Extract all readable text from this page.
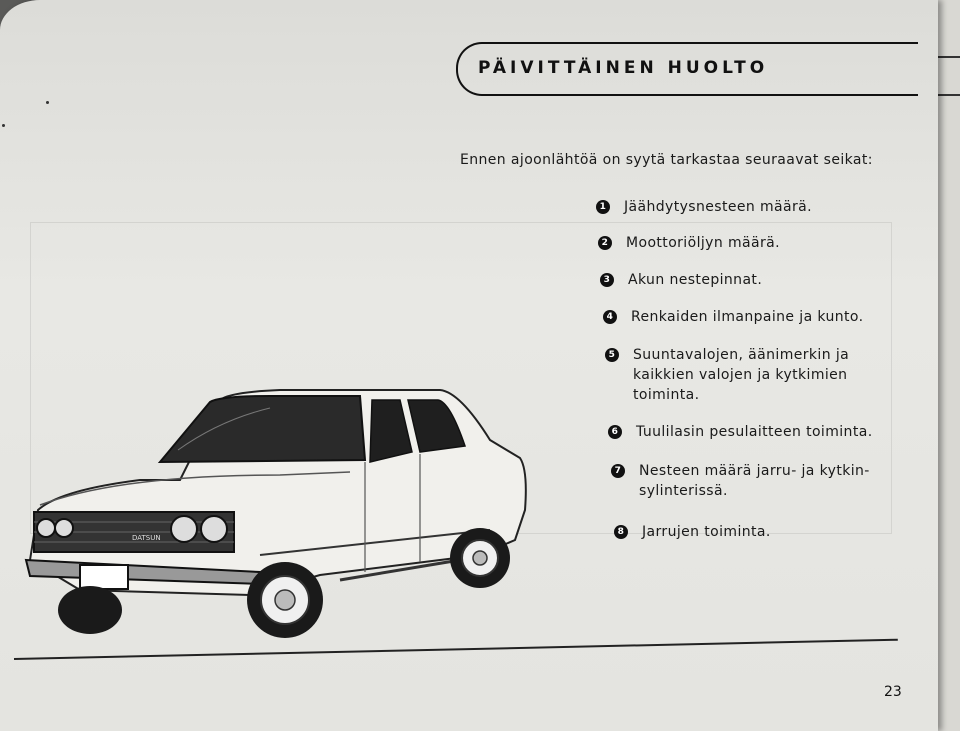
PÄIVITTÄINEN HUOLTO
Ennen ajoonlähtöä on syytä tarkastaa seuraavat seikat:
1 Jäähdytysnesteen määrä.
2 Moottoriöljyn määrä.
3 Akun nestepinnat.
4 Renkaiden ilmanpaine ja kunto.
5 Suuntavalojen, äänimerkin ja
kaikkien valojen ja kytkimien
toiminta.
6 Tuulilasin pesulaitteen toiminta.
7 Nesteen määrä jarru- ja kytkin-
sylinterissä.
8 Jarrujen toiminta.
DATSUN
23
